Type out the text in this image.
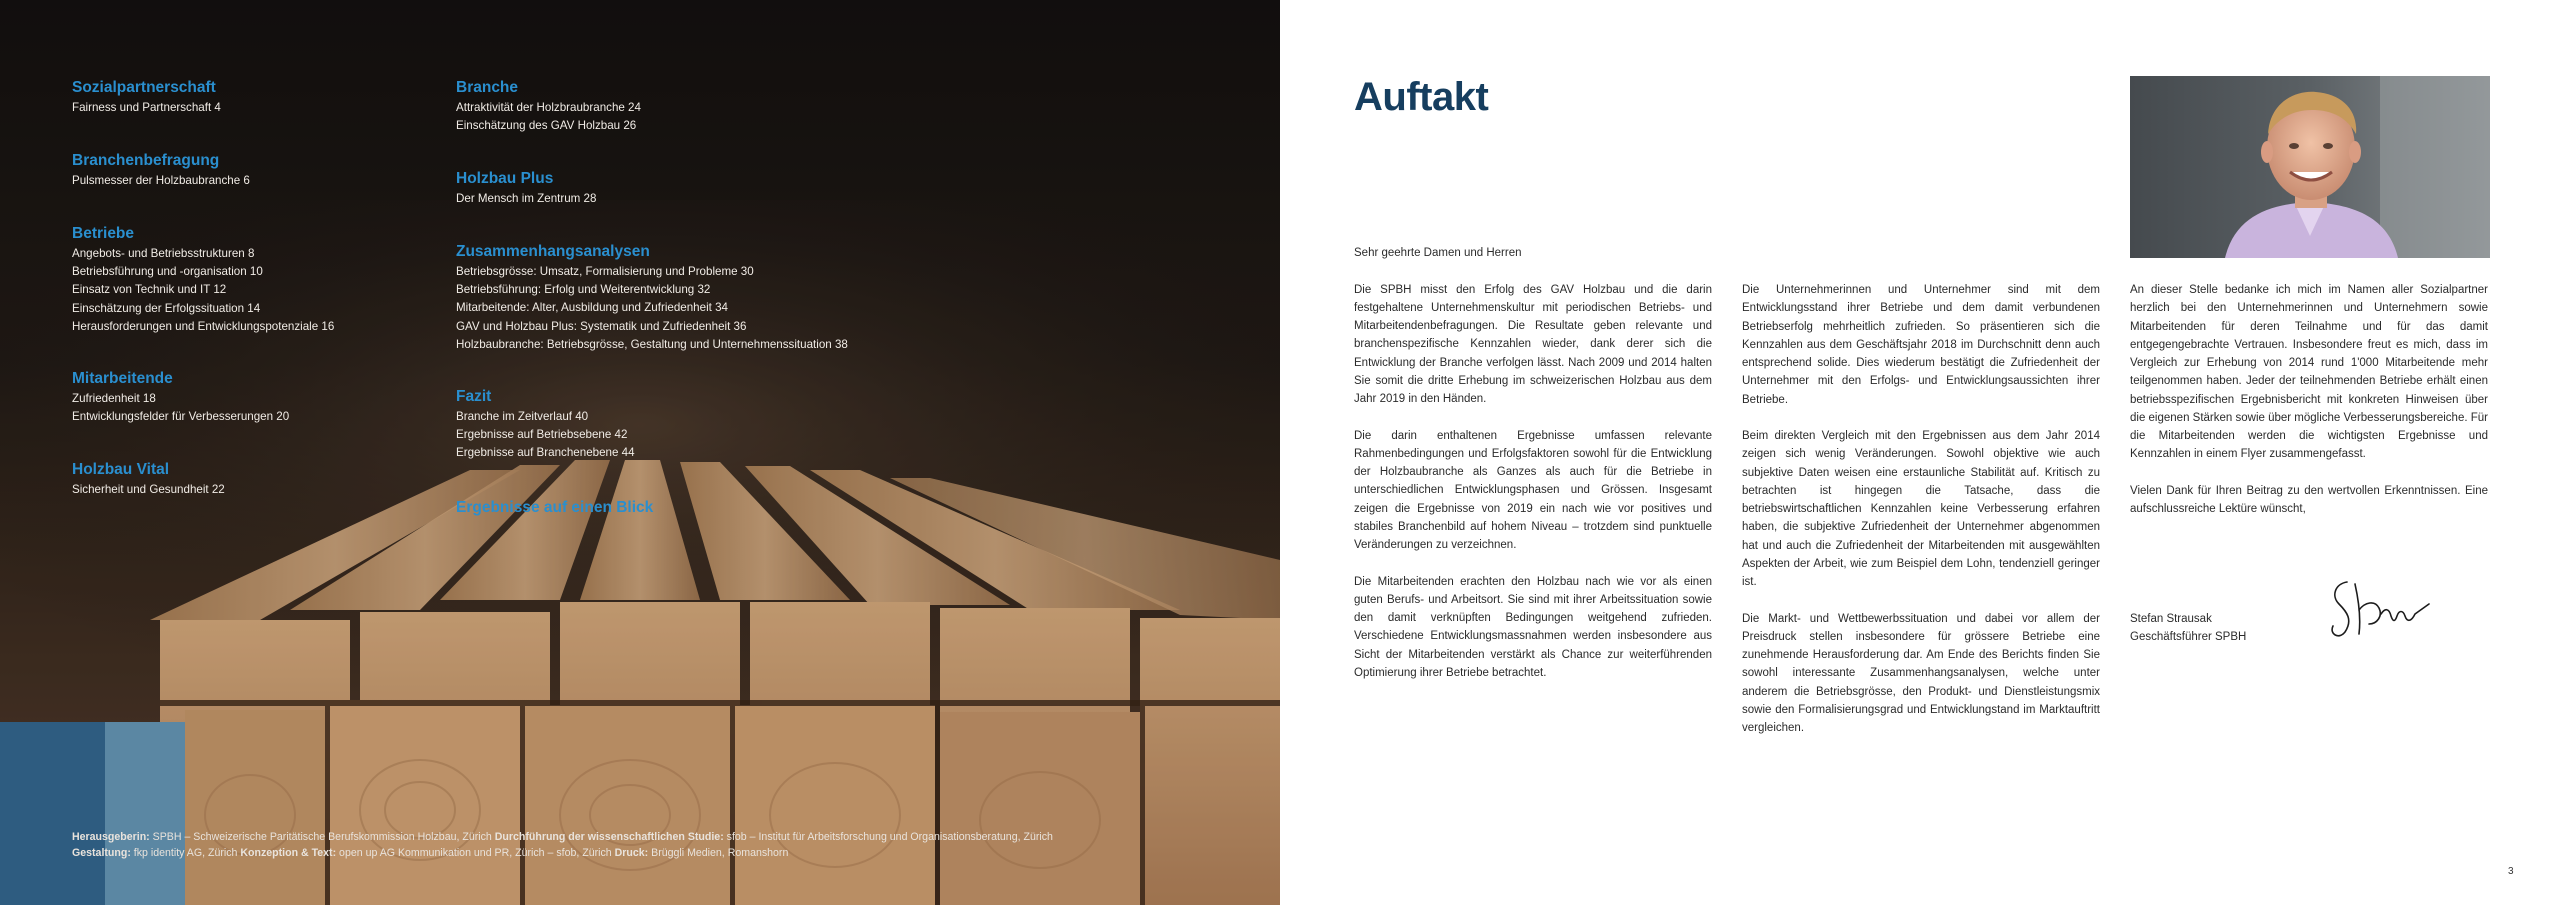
Sozialpartnerschaft
Fairness und Partnerschaft 4
Branchenbefragung
Pulsmesser der Holzbaubranche 6
Betriebe
Angebots- und Betriebsstrukturen 8
Betriebsführung und -organisation 10
Einsatz von Technik und IT 12
Einschätzung der Erfolgssituation 14
Herausforderungen und Entwicklungspotenziale 16
Mitarbeitende
Zufriedenheit 18
Entwicklungsfelder für Verbesserungen 20
Holzbau Vital
Sicherheit und Gesundheit 22
Branche
Attraktivität der Holzbraubranche 24
Einschätzung des GAV Holzbau 26
Holzbau Plus
Der Mensch im Zentrum 28
Zusammenhangsanalysen
Betriebsgrösse: Umsatz, Formalisierung und Probleme 30
Betriebsführung: Erfolg und Weiterentwicklung 32
Mitarbeitende: Alter, Ausbildung und Zufriedenheit 34
GAV und Holzbau Plus: Systematik und Zufriedenheit 36
Holzbaubranche: Betriebsgrösse, Gestaltung und Unternehmenssituation 38
Fazit
Branche im Zeitverlauf 40
Ergebnisse auf Betriebsebene 42
Ergebnisse auf Branchenebene 44
Ergebnisse auf einen Blick
Herausgeberin: SPBH – Schweizerische Paritätische Berufskommission Holzbau, Zürich Durchführung der wissenschaftlichen Studie: sfob – Institut für Arbeitsforschung und Organisationsberatung, Zürich
Gestaltung: fkp identity AG, Zürich Konzeption & Text: open up AG Kommunikation und PR, Zürich – sfob, Zürich Druck: Brüggli Medien, Romanshorn
Auftakt

Sehr geehrte Damen und Herren

Die SPBH misst den Erfolg des GAV Holzbau und die darin festgehaltene Unternehmenskultur mit periodischen Betriebs- und Mitarbeitendenbefragungen. Die Resultate geben relevante und branchenspezifische Kennzahlen wieder, dank derer sich die Entwicklung der Branche verfolgen lässt. Nach 2009 und 2014 halten Sie somit die dritte Erhebung im schweizerischen Holzbau aus dem Jahr 2019 in den Händen.

Die darin enthaltenen Ergebnisse umfassen relevante Rahmenbedingungen und Erfolgsfaktoren sowohl für die Entwicklung der Holzbaubranche als Ganzes als auch für die Betriebe in unterschiedlichen Entwicklungsphasen und Grössen. Insgesamt zeigen die Ergebnisse von 2019 ein nach wie vor positives und stabiles Branchenbild auf hohem Niveau – trotzdem sind punktuelle Veränderungen zu verzeichnen.

Die Mitarbeitenden erachten den Holzbau nach wie vor als einen guten Berufs- und Arbeitsort. Sie sind mit ihrer Arbeitssituation sowie den damit verknüpften Bedingungen weitgehend zufrieden. Verschiedene Entwicklungsmassnahmen werden insbesondere aus Sicht der Mitarbeitenden verstärkt als Chance zur weiterführenden Optimierung ihrer Betriebe betrachtet.

Die Unternehmerinnen und Unternehmer sind mit dem Entwicklungsstand ihrer Betriebe und dem damit verbundenen Betriebserfolg mehrheitlich zufrieden. So präsentieren sich die Kennzahlen aus dem Geschäftsjahr 2018 im Durchschnitt denn auch entsprechend solide. Dies wiederum bestätigt die Zufriedenheit der Unternehmer mit den Erfolgs- und Entwicklungsaussichten ihrer Betriebe.

Beim direkten Vergleich mit den Ergebnissen aus dem Jahr 2014 zeigen sich wenig Veränderungen. Sowohl objektive wie auch subjektive Daten weisen eine erstaunliche Stabilität auf. Kritisch zu betrachten ist hingegen die Tatsache, dass die betriebswirtschaftlichen Kennzahlen keine Verbesserung erfahren haben, die subjektive Zufriedenheit der Unternehmer abgenommen hat und auch die Zufriedenheit der Mitarbeitenden mit ausgewählten Aspekten der Arbeit, wie zum Beispiel dem Lohn, tendenziell geringer ist.

Die Markt- und Wettbewerbssituation und dabei vor allem der Preisdruck stellen insbesondere für grössere Betriebe eine zunehmende Herausforderung dar. Am Ende des Berichts finden Sie sowohl interessante Zusammenhangsanalysen, welche unter anderem die Betriebsgrösse, den Produkt- und Dienstleistungsmix sowie den Formalisierungsgrad und Entwicklungstand im Marktauftritt vergleichen.

An dieser Stelle bedanke ich mich im Namen aller Sozialpartner herzlich bei den Unternehmerinnen und Unternehmern sowie Mitarbeitenden für deren Teilnahme und für das damit entgegengebrachte Vertrauen. Insbesondere freut es mich, dass im Vergleich zur Erhebung von 2014 rund 1'000 Mitarbeitende mehr teilgenommen haben. Jeder der teilnehmenden Betriebe erhält einen betriebsspezifischen Ergebnisbericht mit konkreten Hinweisen über die eigenen Stärken sowie über mögliche Verbesserungsbereiche. Für die Mitarbeitenden werden die wichtigsten Ergebnisse und Kennzahlen in einem Flyer zusammengefasst.

Vielen Dank für Ihren Beitrag zu den wertvollen Erkenntnissen. Eine aufschlussreiche Lektüre wünscht,

Stefan Strausak
Geschäftsführer SPBH
3
